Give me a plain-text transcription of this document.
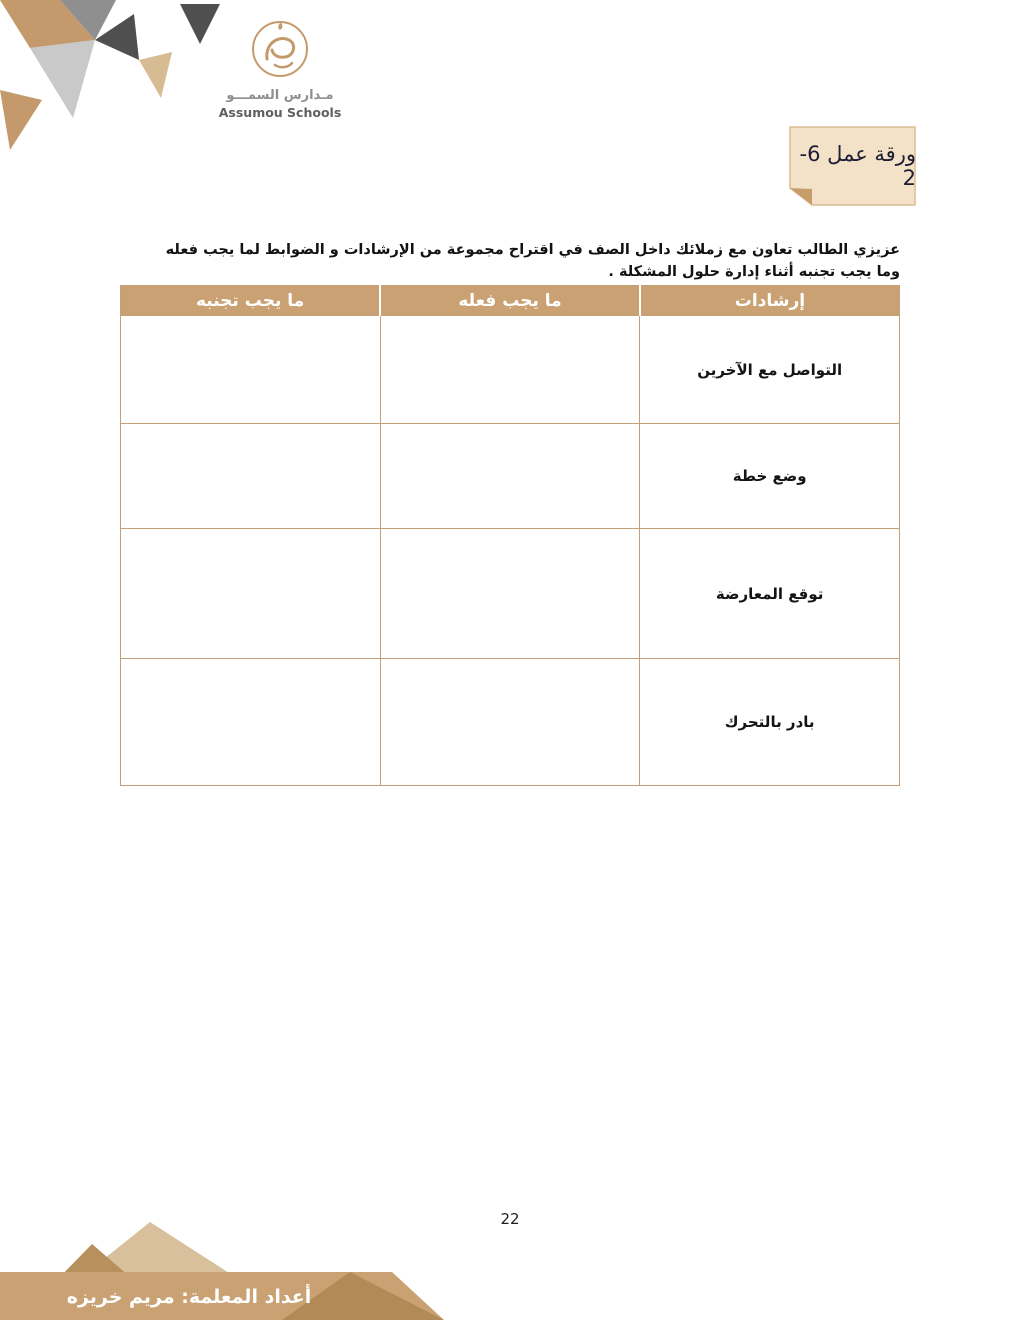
مـدارس السمـــو
Assumou Schools
ورقة عمل 6-2

عزيزي الطالب تعاون مع زملائك داخل الصف في اقتراح مجموعة من الإرشادات و الضوابط لما يجب فعله وما يجب تجنبه أثناء إدارة حلول المشكلة .

إرشادات	ما يجب فعله	ما يجب تجنبه
التواصل مع الآخرين		
وضع خطة		
توقع المعارضة		
بادر بالتحرك		
22
أعداد المعلمة: مريم خريزه
